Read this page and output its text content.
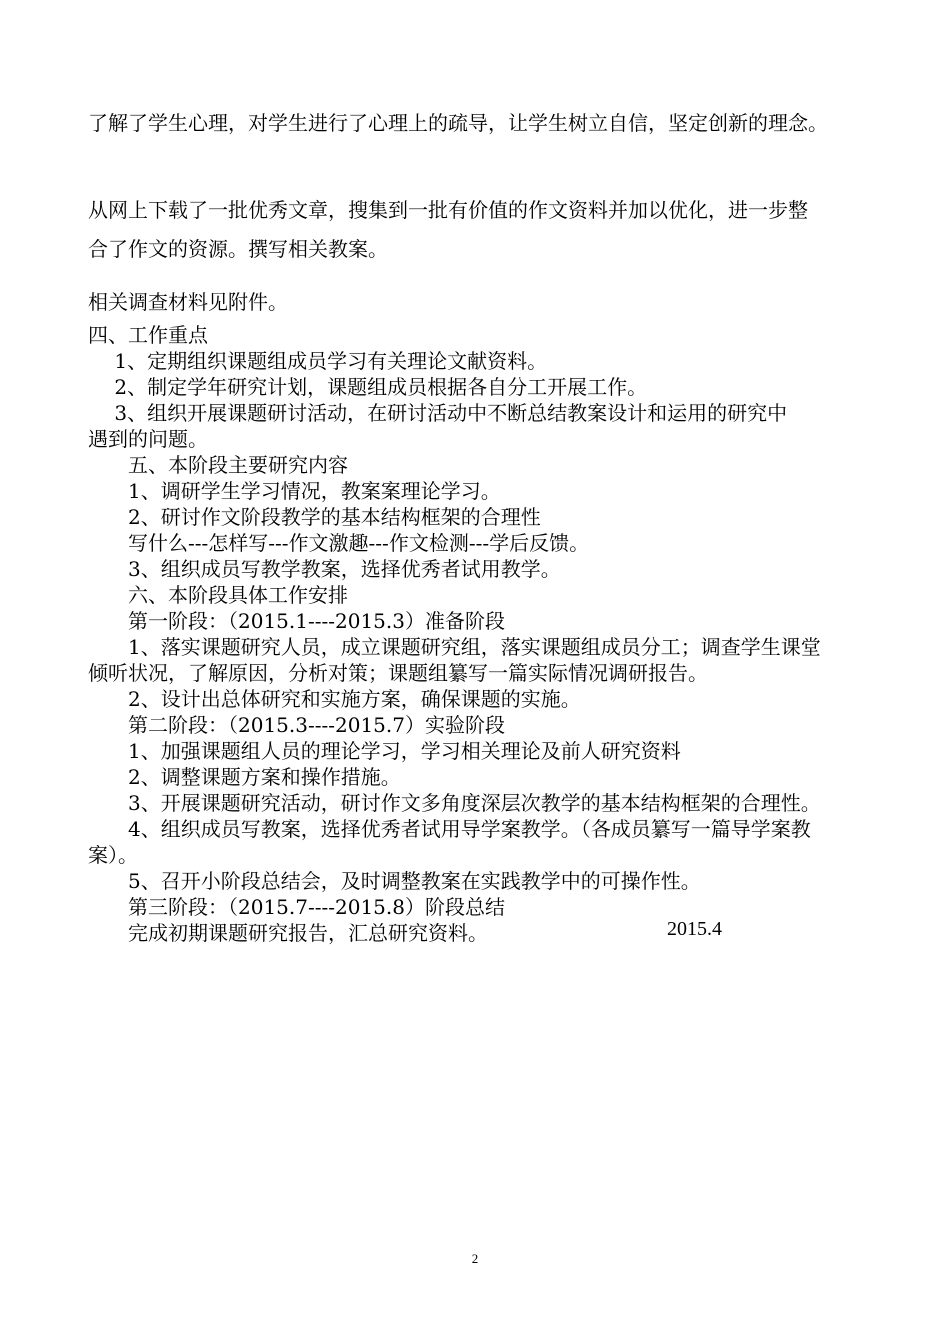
了解了学生心理，对学生进行了心理上的疏导，让学生树立自信，坚定创新的理念。
从网上下载了一批优秀文章，搜集到一批有价值的作文资料并加以优化，进一步整
合了作文的资源。撰写相关教案。
相关调查材料见附件。
四、工作重点
　 1、定期组织课题组成员学习有关理论文献资料。
　 2、制定学年研究计划，课题组成员根据各自分工开展工作。
　 3、组织开展课题研讨活动，在研讨活动中不断总结教案设计和运用的研究中
遇到的问题。
　　五、本阶段主要研究内容
　　1、调研学生学习情况，教案案理论学习。
　　2、研讨作文阶段教学的基本结构框架的合理性
　　写什么---怎样写---作文激趣---作文检测---学后反馈。
　　3、组织成员写教学教案，选择优秀者试用教学。
　　六、本阶段具体工作安排
　　第一阶段：（2015.1----2015.3）准备阶段
　　1、落实课题研究人员，成立课题研究组，落实课题组成员分工；调查学生课堂
倾听状况，了解原因，分析对策；课题组纂写一篇实际情况调研报告。
　　2、设计出总体研究和实施方案，确保课题的实施。
　　第二阶段：（2015.3----2015.7）实验阶段
　　1、加强课题组人员的理论学习，学习相关理论及前人研究资料
　　2、调整课题方案和操作措施。
　　3、开展课题研究活动，研讨作文多角度深层次教学的基本结构框架的合理性。
　　4、组织成员写教案，选择优秀者试用导学案教学。（各成员纂写一篇导学案教
案）。
　　5、召开小阶段总结会，及时调整教案在实践教学中的可操作性。
　　第三阶段：（2015.7----2015.8）阶段总结
　　完成初期课题研究报告，汇总研究资料。	2015.4
2
